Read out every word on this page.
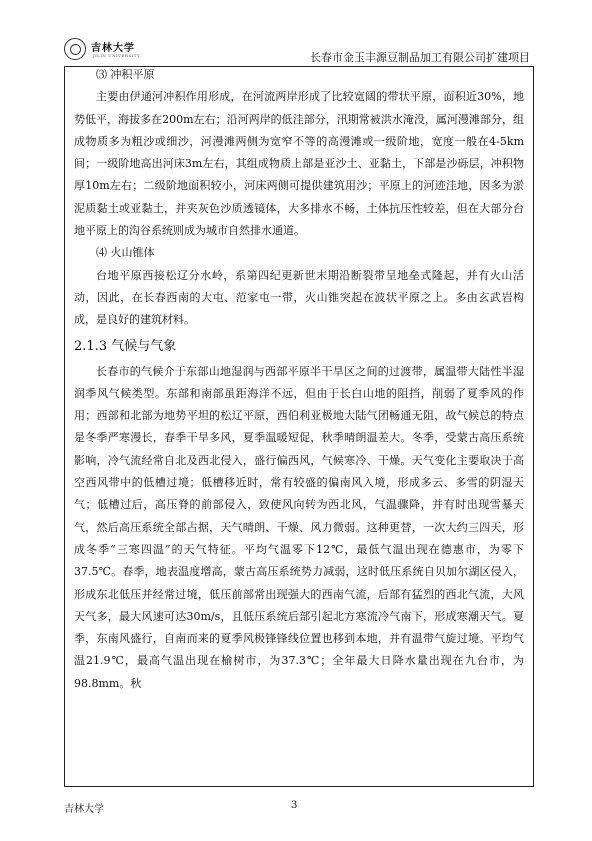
吉林大学
JILIN UNIVERSITY	长春市金玉丰源豆制品加工有限公司扩建项目
⑶ 冲积平原

主要由伊通河冲积作用形成，在河流两岸形成了比较宽阔的带状平原，面积近30%，地势低平，海拔多在200m左右；沿河两岸的低洼部分，汛期常被洪水淹没，属河漫滩部分，组成物质多为粗沙或细沙，河漫滩两侧为宽窄不等的高漫滩或一级阶地，宽度一般在4-5km间；一级阶地高出河床3m左右，其组成物质上部是亚沙土、亚黏土，下部是沙砾层，冲积物厚10m左右；二级阶地面积较小，河床两侧可提供建筑用沙；平原上的河迹洼地，因多为淤泥质黏土或亚黏土，并夹灰色沙质透镜体，大多排水不畅，土体抗压性较差，但在大部分台地平原上的沟谷系统则成为城市自然排水通道。

⑷ 火山锥体

台地平原西接松辽分水岭，系第四纪更新世末期沿断裂带呈地垒式隆起，并有火山活动，因此，在长春西南的大屯、范家屯一带，火山锥突起在波状平原之上。多由玄武岩构成，是良好的建筑材料。

2.1.3 气候与气象

长春市的气候介于东部山地湿润与西部平原半干旱区之间的过渡带，属温带大陆性半湿润季风气候类型。东部和南部虽距海洋不远，但由于长白山地的阻挡，削弱了夏季风的作用；西部和北部为地势平坦的松辽平原，西伯利亚极地大陆气团畅通无阻，故气候总的特点是冬季严寒漫长，春季干旱多风，夏季温暖短促，秋季晴朗温差大。冬季，受蒙古高压系统影响，冷气流经常自北及西北侵入，盛行偏西风，气候寒冷、干燥。天气变化主要取决于高空西风带中的低槽过境；低槽移近时，常有较盛的偏南风入境，形成多云、多雪的阴湿天气；低槽过后，高压脊的前部侵入，致使风向转为西北风，气温骤降，并有时出现雪暴天气，然后高压系统全部占据，天气晴朗、干燥、风力微弱。这种更替，一次大约三四天，形成冬季“三寒四温”的天气特征。平均气温零下12℃，最低气温出现在德惠市，为零下37.5℃。春季，地表温度增高，蒙古高压系统势力减弱，这时低压系统自贝加尔湖区侵入，形成东北低压并经常过境，低压前部常出现强大的西南气流，后部有猛烈的西北气流，大风天气多，最大风速可达30m/s，且低压系统后部引起北方寒流冷气南下，形成寒潮天气。夏季，东南风盛行，自南而来的夏季风极锋锋线位置也移到本地，并有温带气旋过境。平均气温21.9℃，最高气温出现在榆树市，为37.3℃；全年最大日降水量出现在九台市，为98.8mm。秋

吉林大学	3
